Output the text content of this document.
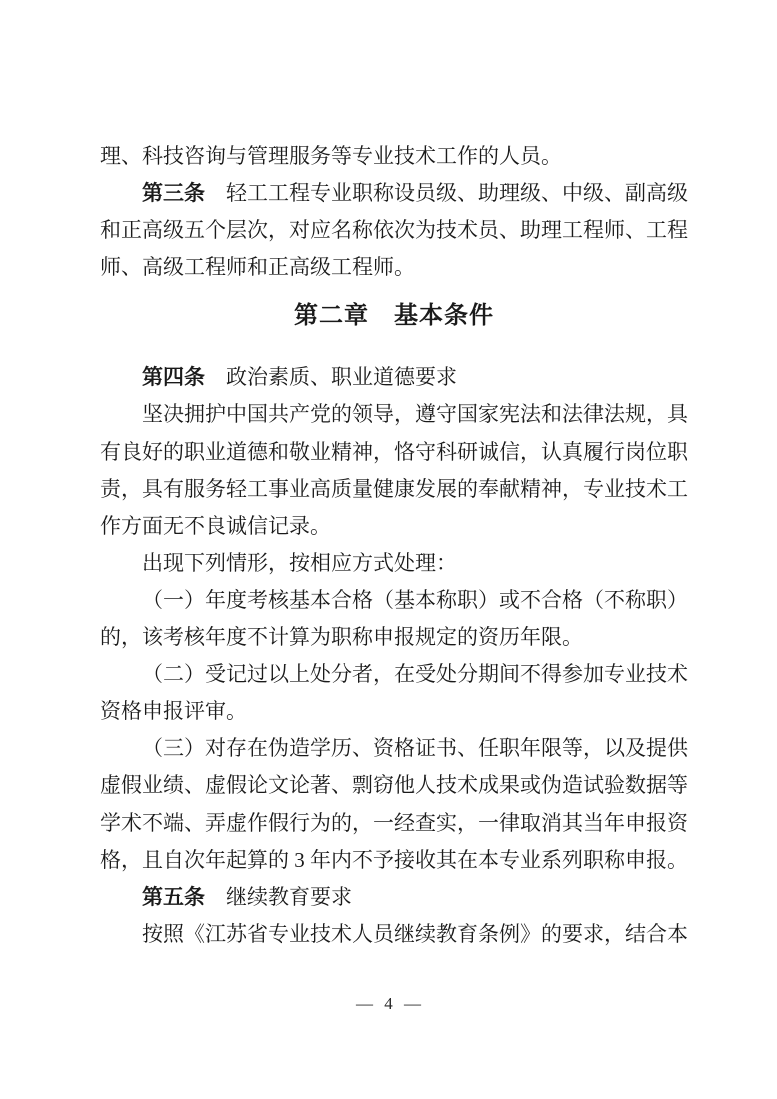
理、科技咨询与管理服务等专业技术工作的人员。
第三条　轻工工程专业职称设员级、助理级、中级、副高级
和正高级五个层次，对应名称依次为技术员、助理工程师、工程
师、高级工程师和正高级工程师。
第二章　基本条件
第四条　政治素质、职业道德要求
坚决拥护中国共产党的领导，遵守国家宪法和法律法规，具
有良好的职业道德和敬业精神，恪守科研诚信，认真履行岗位职
责，具有服务轻工事业高质量健康发展的奉献精神，专业技术工
作方面无不良诚信记录。
出现下列情形，按相应方式处理：
（一）年度考核基本合格（基本称职）或不合格（不称职）
的，该考核年度不计算为职称申报规定的资历年限。
（二）受记过以上处分者，在受处分期间不得参加专业技术
资格申报评审。
（三）对存在伪造学历、资格证书、任职年限等，以及提供
虚假业绩、虚假论文论著、剽窃他人技术成果或伪造试验数据等
学术不端、弄虚作假行为的，一经查实，一律取消其当年申报资
格，且自次年起算的 3 年内不予接收其在本专业系列职称申报。
第五条　继续教育要求
按照《江苏省专业技术人员继续教育条例》的要求，结合本
— 4 —
